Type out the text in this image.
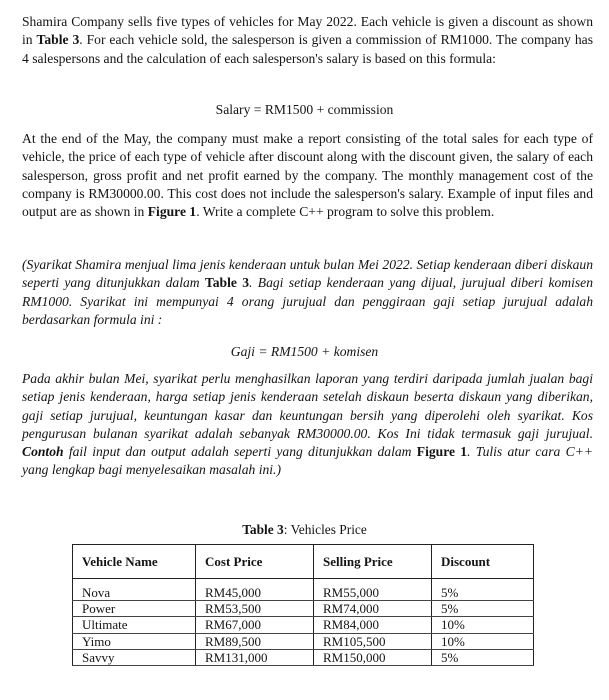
Shamira Company sells five types of vehicles for May 2022. Each vehicle is given a discount as shown in Table 3. For each vehicle sold, the salesperson is given a commission of RM1000. The company has 4 salespersons and the calculation of each salesperson's salary is based on this formula:

Salary = RM1500 + commission

At the end of the May, the company must make a report consisting of the total sales for each type of vehicle, the price of each type of vehicle after discount along with the discount given, the salary of each salesperson, gross profit and net profit earned by the company. The monthly management cost of the company is RM30000.00. This cost does not include the salesperson's salary. Example of input files and output are as shown in Figure 1. Write a complete C++ program to solve this problem.

(Syarikat Shamira menjual lima jenis kenderaan untuk bulan Mei 2022. Setiap kenderaan diberi diskaun seperti yang ditunjukkan dalam Table 3. Bagi setiap kenderaan yang dijual, jurujual diberi komisen RM1000. Syarikat ini mempunyai 4 orang jurujual dan penggiraan gaji setiap jurujual adalah berdasarkan formula ini :

Gaji = RM1500 + komisen

Pada akhir bulan Mei, syarikat perlu menghasilkan laporan yang terdiri daripada jumlah jualan bagi setiap jenis kenderaan, harga setiap jenis kenderaan setelah diskaun beserta diskaun yang diberikan, gaji setiap jurujual, keuntungan kasar dan keuntungan bersih yang diperolehi oleh syarikat. Kos pengurusan bulanan syarikat adalah sebanyak RM30000.00. Kos Ini tidak termasuk gaji jurujual. Contoh fail input dan output adalah seperti yang ditunjukkan dalam Figure 1. Tulis atur cara C++ yang lengkap bagi menyelesaikan masalah ini.)

Table 3: Vehicles Price
Vehicle Name	Cost Price	Selling Price	Discount
Nova	RM45,000	RM55,000	5%
Power	RM53,500	RM74,000	5%
Ultimate	RM67,000	RM84,000	10%
Yimo	RM89,500	RM105,500	10%
Savvy	RM131,000	RM150,000	5%
